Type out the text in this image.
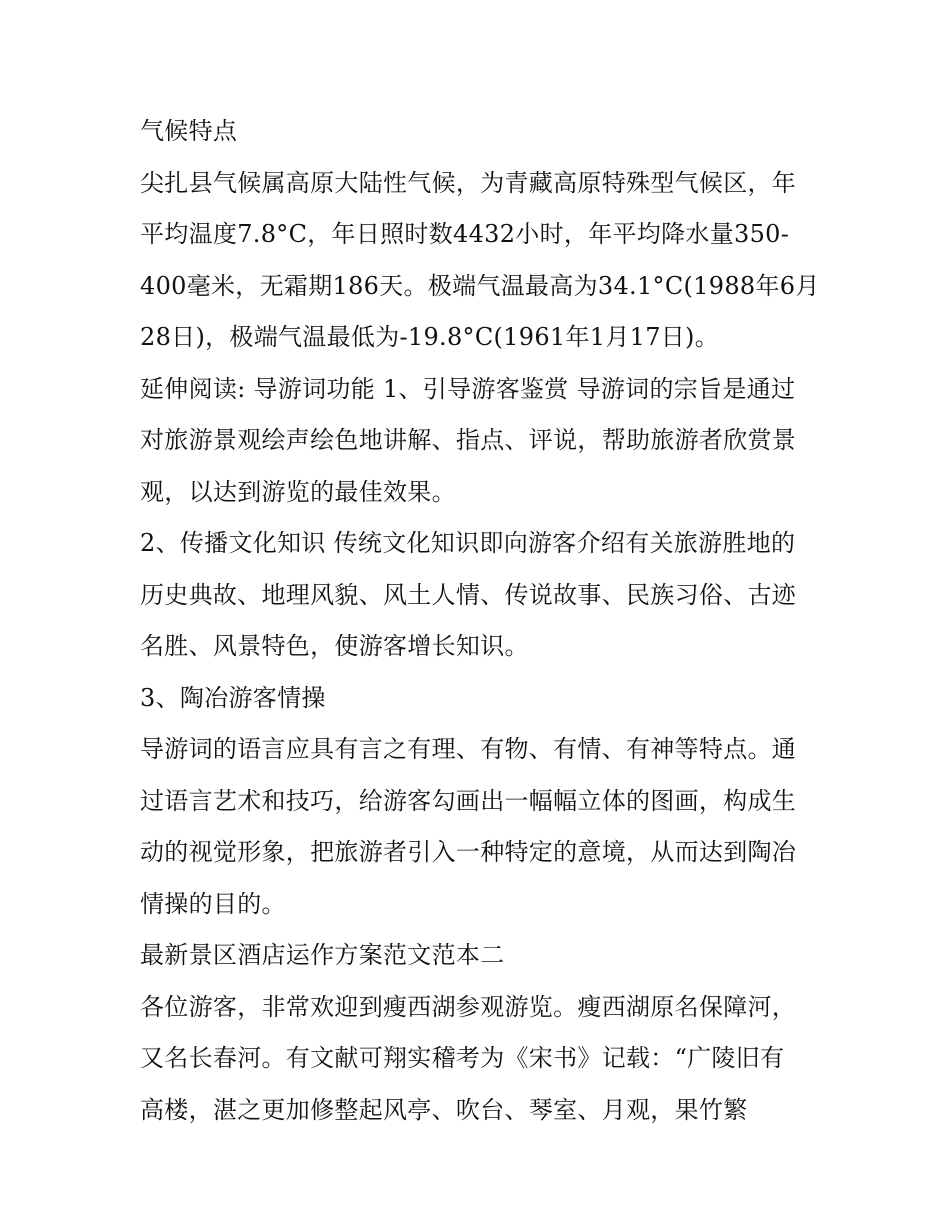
气候特点
尖扎县气候属高原大陆性气候，为青藏高原特殊型气候区，年
平均温度7.8°C，年日照时数4432小时，年平均降水量350-
400毫米，无霜期186天。极端气温最高为34.1°C(1988年6月
28日)，极端气温最低为-19.8°C(1961年1月17日)。
延伸阅读: 导游词功能 1、引导游客鉴赏 导游词的宗旨是通过
对旅游景观绘声绘色地讲解、指点、评说，帮助旅游者欣赏景
观，以达到游览的最佳效果。
2、传播文化知识 传统文化知识即向游客介绍有关旅游胜地的
历史典故、地理风貌、风土人情、传说故事、民族习俗、古迹
名胜、风景特色，使游客增长知识。
3、陶冶游客情操
导游词的语言应具有言之有理、有物、有情、有神等特点。通
过语言艺术和技巧，给游客勾画出一幅幅立体的图画，构成生
动的视觉形象，把旅游者引入一种特定的意境，从而达到陶冶
情操的目的。
最新景区酒店运作方案范文范本二
各位游客，非常欢迎到瘦西湖参观游览。瘦西湖原名保障河，
又名长春河。有文献可翔实稽考为《宋书》记载：“广陵旧有
高楼，湛之更加修整起风亭、吹台、琴室、月观，果竹繁
